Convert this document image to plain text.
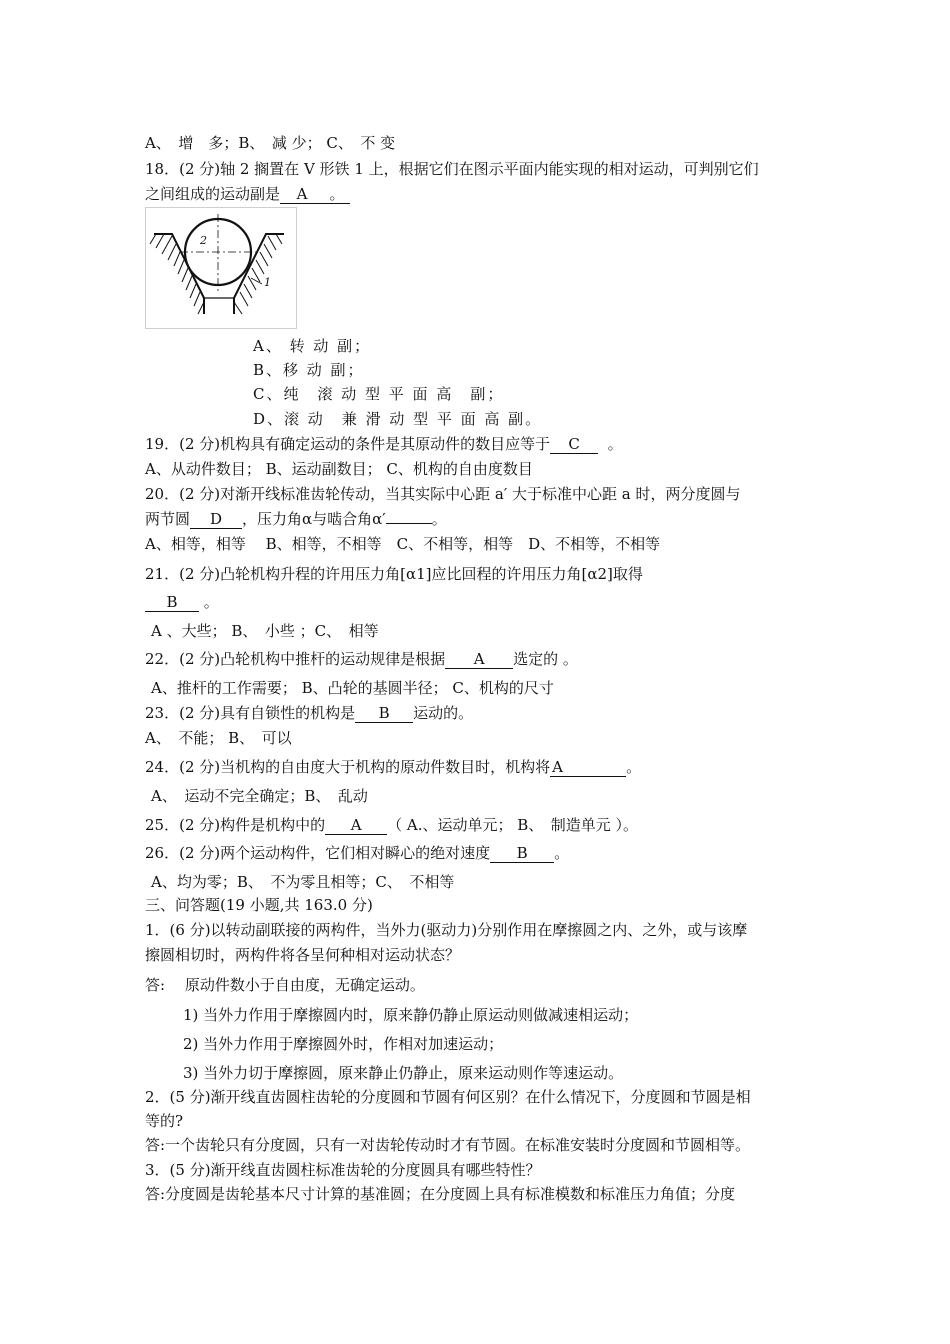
A、　增　多；B、　减 少； C、　不 变
18．(2 分)轴 2 搁置在 V 形铁 1 上，根据它们在图示平面内能实现的相对运动，可判别它们
之间组成的运动副是 A 。
2
1
A、 转 动 副；
B、移 动 副；
C、纯　滚 动 型 平 面 高　副；
D、滚 动　兼 滑 动 型 平 面 高 副。
19．(2 分)机构具有确定运动的条件是其原动件的数目应等于 C 。
A、从动件数目； B、运动副数目； C、机构的自由度数目
20．(2 分)对渐开线标准齿轮传动，当其实际中心距 a′ 大于标准中心距 a 时，两分度圆与
两节圆 D ，压力角α与啮合角α′	。
A、相等，相等　 B、相等，不相等　C、不相等，相等　D、不相等，不相等
21．(2 分)凸轮机构升程的许用压力角[α1]应比回程的许用压力角[α2]取得
B 。
A 、大些； B、　小些 ；C、　相等
22．(2 分)凸轮机构中推杆的运动规律是根据 A 选定的 。
A、推杆的工作需要； B、凸轮的基圆半径； C、机构的尺寸
23．(2 分)具有自锁性的机构是 B 运动的。
A、　不能； B、　可以
24．(2 分)当机构的自由度大于机构的原动件数目时，机构将 A	。
A、　运动不完全确定；B、　乱动
25．(2 分)构件是机构中的 A （ A.、运动单元； B、　制造单元 ）。
26．(2 分)两个运动构件，它们相对瞬心的绝对速度 B 。
A、均为零；B、　不为零且相等；C、　不相等
三、问答题(19 小题,共 163.0 分)
1．(6 分)以转动副联接的两构件，当外力(驱动力)分别作用在摩擦圆之内、之外，或与该摩
擦圆相切时，两构件将各呈何种相对运动状态？
答:　 原动件数小于自由度，无确定运动。
1) 当外力作用于摩擦圆内时，原来静仍静止原运动则做减速相运动；
2) 当外力作用于摩擦圆外时，作相对加速运动；
3) 当外力切于摩擦圆，原来静止仍静止，原来运动则作等速运动。
2．(5 分)渐开线直齿圆柱齿轮的分度圆和节圆有何区别？在什么情况下，分度圆和节圆是相
等的?
答:一个齿轮只有分度圆，只有一对齿轮传动时才有节圆。在标准安装时分度圆和节圆相等。
3．(5 分)渐开线直齿圆柱标准齿轮的分度圆具有哪些特性？
答:分度圆是齿轮基本尺寸计算的基准圆；在分度圆上具有标准模数和标准压力角值；分度
